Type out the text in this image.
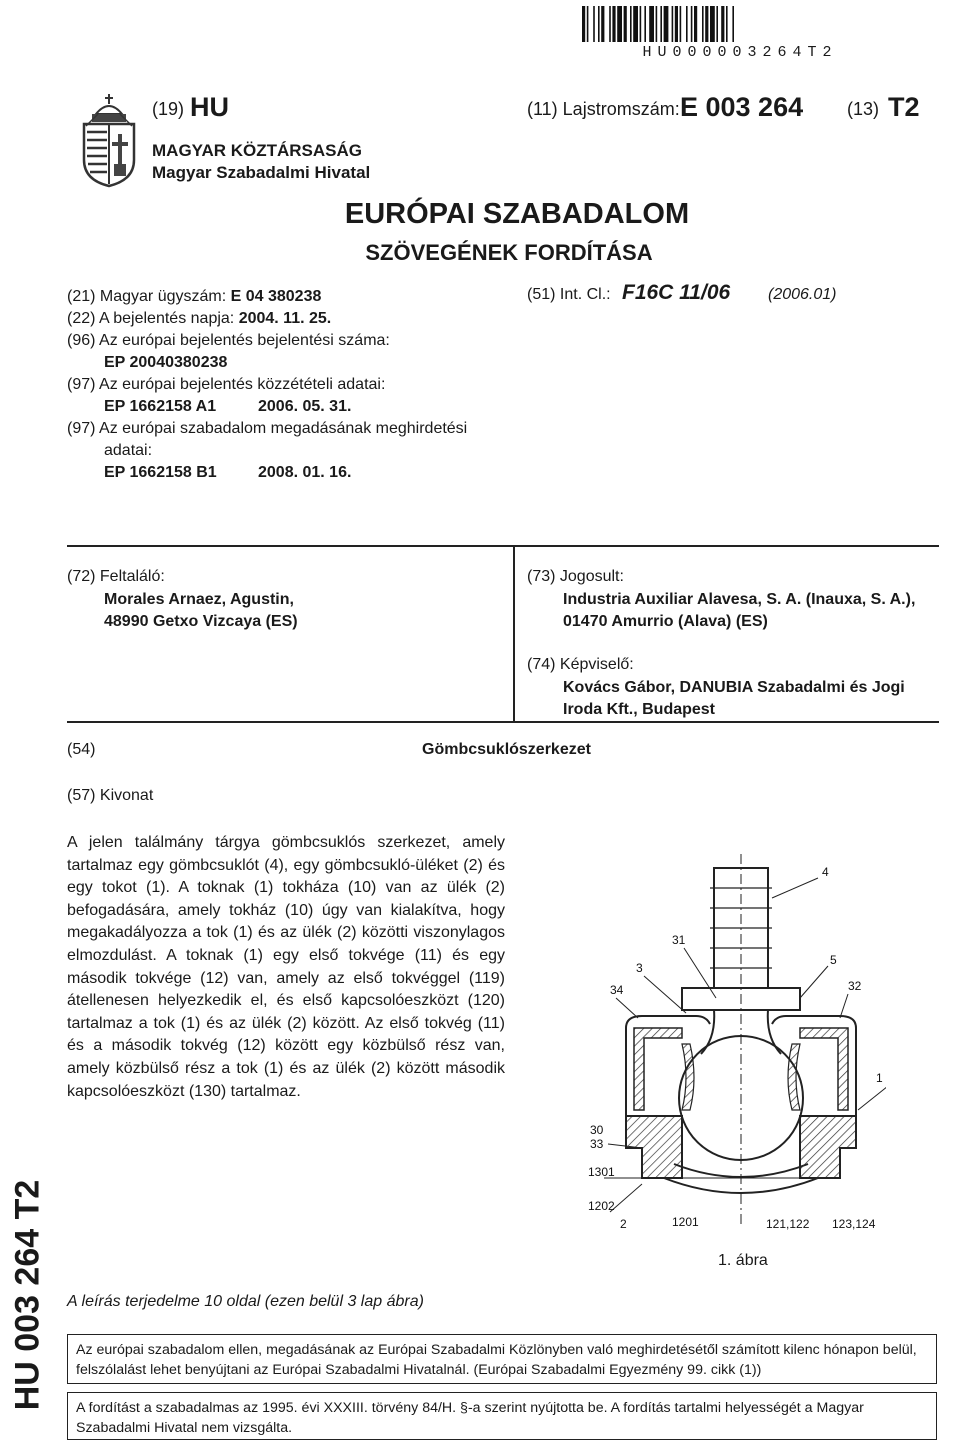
HU000003264T2
(19) HU
MAGYAR KÖZTÁRSASÁG
Magyar Szabadalmi Hivatal
(11) Lajstromszám: E 003 264 (13) T2
EURÓPAI SZABADALOM
SZÖVEGÉNEK FORDÍTÁSA
(21) Magyar ügyszám: E 04 380238
(22) A bejelentés napja: 2004. 11. 25.
(96) Az európai bejelentés bejelentési száma:
EP 20040380238
(97) Az európai bejelentés közzétételi adatai:
EP 1662158 A1	2006. 05. 31.
(97) Az európai szabadalom megadásának meghirdetési
adatai:
EP 1662158 B1	2008. 01. 16.
(51) Int. Cl.: F16C 11/06 (2006.01)
(72) Feltaláló:
Morales Arnaez, Agustin,
48990 Getxo Vizcaya (ES)
(73) Jogosult:
Industria Auxiliar Alavesa, S. A. (Inauxa, S. A.),
01470 Amurrio (Alava) (ES)
(74) Képviselő:
Kovács Gábor, DANUBIA Szabadalmi és Jogi
Iroda Kft., Budapest
(54)	Gömbcsuklószerkezet
(57) Kivonat
A jelen találmány tárgya gömbcsuklós szerkezet, amely tartalmaz egy gömbcsuklót (4), egy gömbcsukló-üléket (2) és egy tokot (1). A toknak (1) tokháza (10) van az ülék (2) befogadására, amely tokház (10) úgy van kialakítva, hogy megakadályozza a tok (1) és az ülék (2) közötti viszonylagos elmozdulást. A toknak (1) egy első tokvége (11) és egy második tokvége (12) van, amely az első tokvéggel (119) átellenesen helyezkedik el, és első kapcsolóeszközt (120) tartalmaz a tok (1) és az ülék (2) között. Az első tokvég (11) és a második tokvég (12) között egy közbülső rész van, amely közbülső rész a tok (1) és az ülék (2) között második kapcsolóeszközt (130) tartalmaz.
4
31
3
5
34	32
1
30
33
1301
1202
2	1201	121,122 123,124
1. ábra
HU 003 264 T2 A leírás terjedelme 10 oldal (ezen belül 3 lap ábra)
Az európai szabadalom ellen, megadásának az Európai Szabadalmi Közlönyben való meghirdetésétől számított kilenc hónapon belül, felszólalást lehet benyújtani az Európai Szabadalmi Hivatalnál. (Európai Szabadalmi Egyezmény 99. cikk (1))
A fordítást a szabadalmas az 1995. évi XXXIII. törvény 84/H. §-a szerint nyújtotta be. A fordítás tartalmi helyességét a Magyar Szabadalmi Hivatal nem vizsgálta.
